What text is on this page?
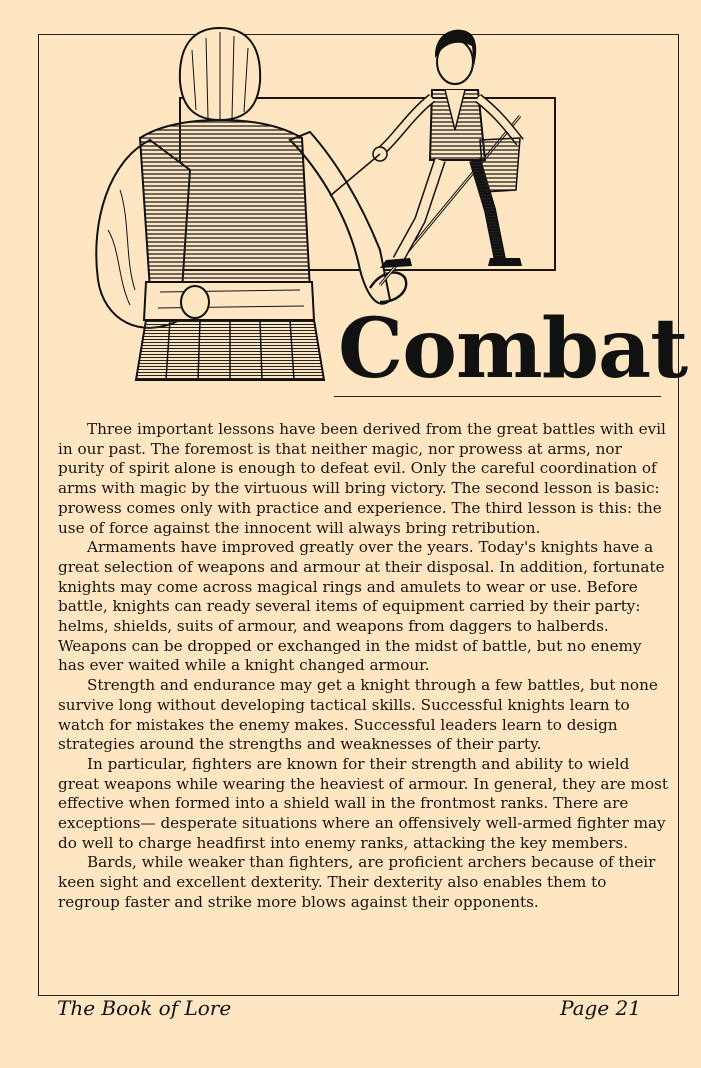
Combat

Three important lessons have been derived from the great battles with evil in our past. The foremost is that neither magic, nor prowess at arms, nor purity of spirit alone is enough to defeat evil. Only the careful coordination of arms with magic by the virtuous will bring victory. The second lesson is basic: prowess comes only with practice and experience. The third lesson is this: the use of force against the innocent will always bring retribution.

Armaments have improved greatly over the years. Today's knights have a great selection of weapons and armour at their disposal. In addition, fortunate knights may come across magical rings and amulets to wear or use. Before battle, knights can ready several items of equipment carried by their party: helms, shields, suits of armour, and weapons from daggers to halberds. Weapons can be dropped or exchanged in the midst of battle, but no enemy has ever waited while a knight changed armour.

Strength and endurance may get a knight through a few battles, but none survive long without developing tactical skills. Successful knights learn to watch for mistakes the enemy makes. Successful leaders learn to design strategies around the strengths and weaknesses of their party.

In particular, fighters are known for their strength and ability to wield great weapons while wearing the heaviest of armour. In general, they are most effective when formed into a shield wall in the frontmost ranks. There are exceptions— desperate situations where an offensively well-armed fighter may do well to charge headfirst into enemy ranks, attacking the key members.

Bards, while weaker than fighters, are proficient archers because of their keen sight and excellent dexterity. Their dexterity also enables them to regroup faster and strike more blows against their opponents.

The Book of Lore	Page 21
